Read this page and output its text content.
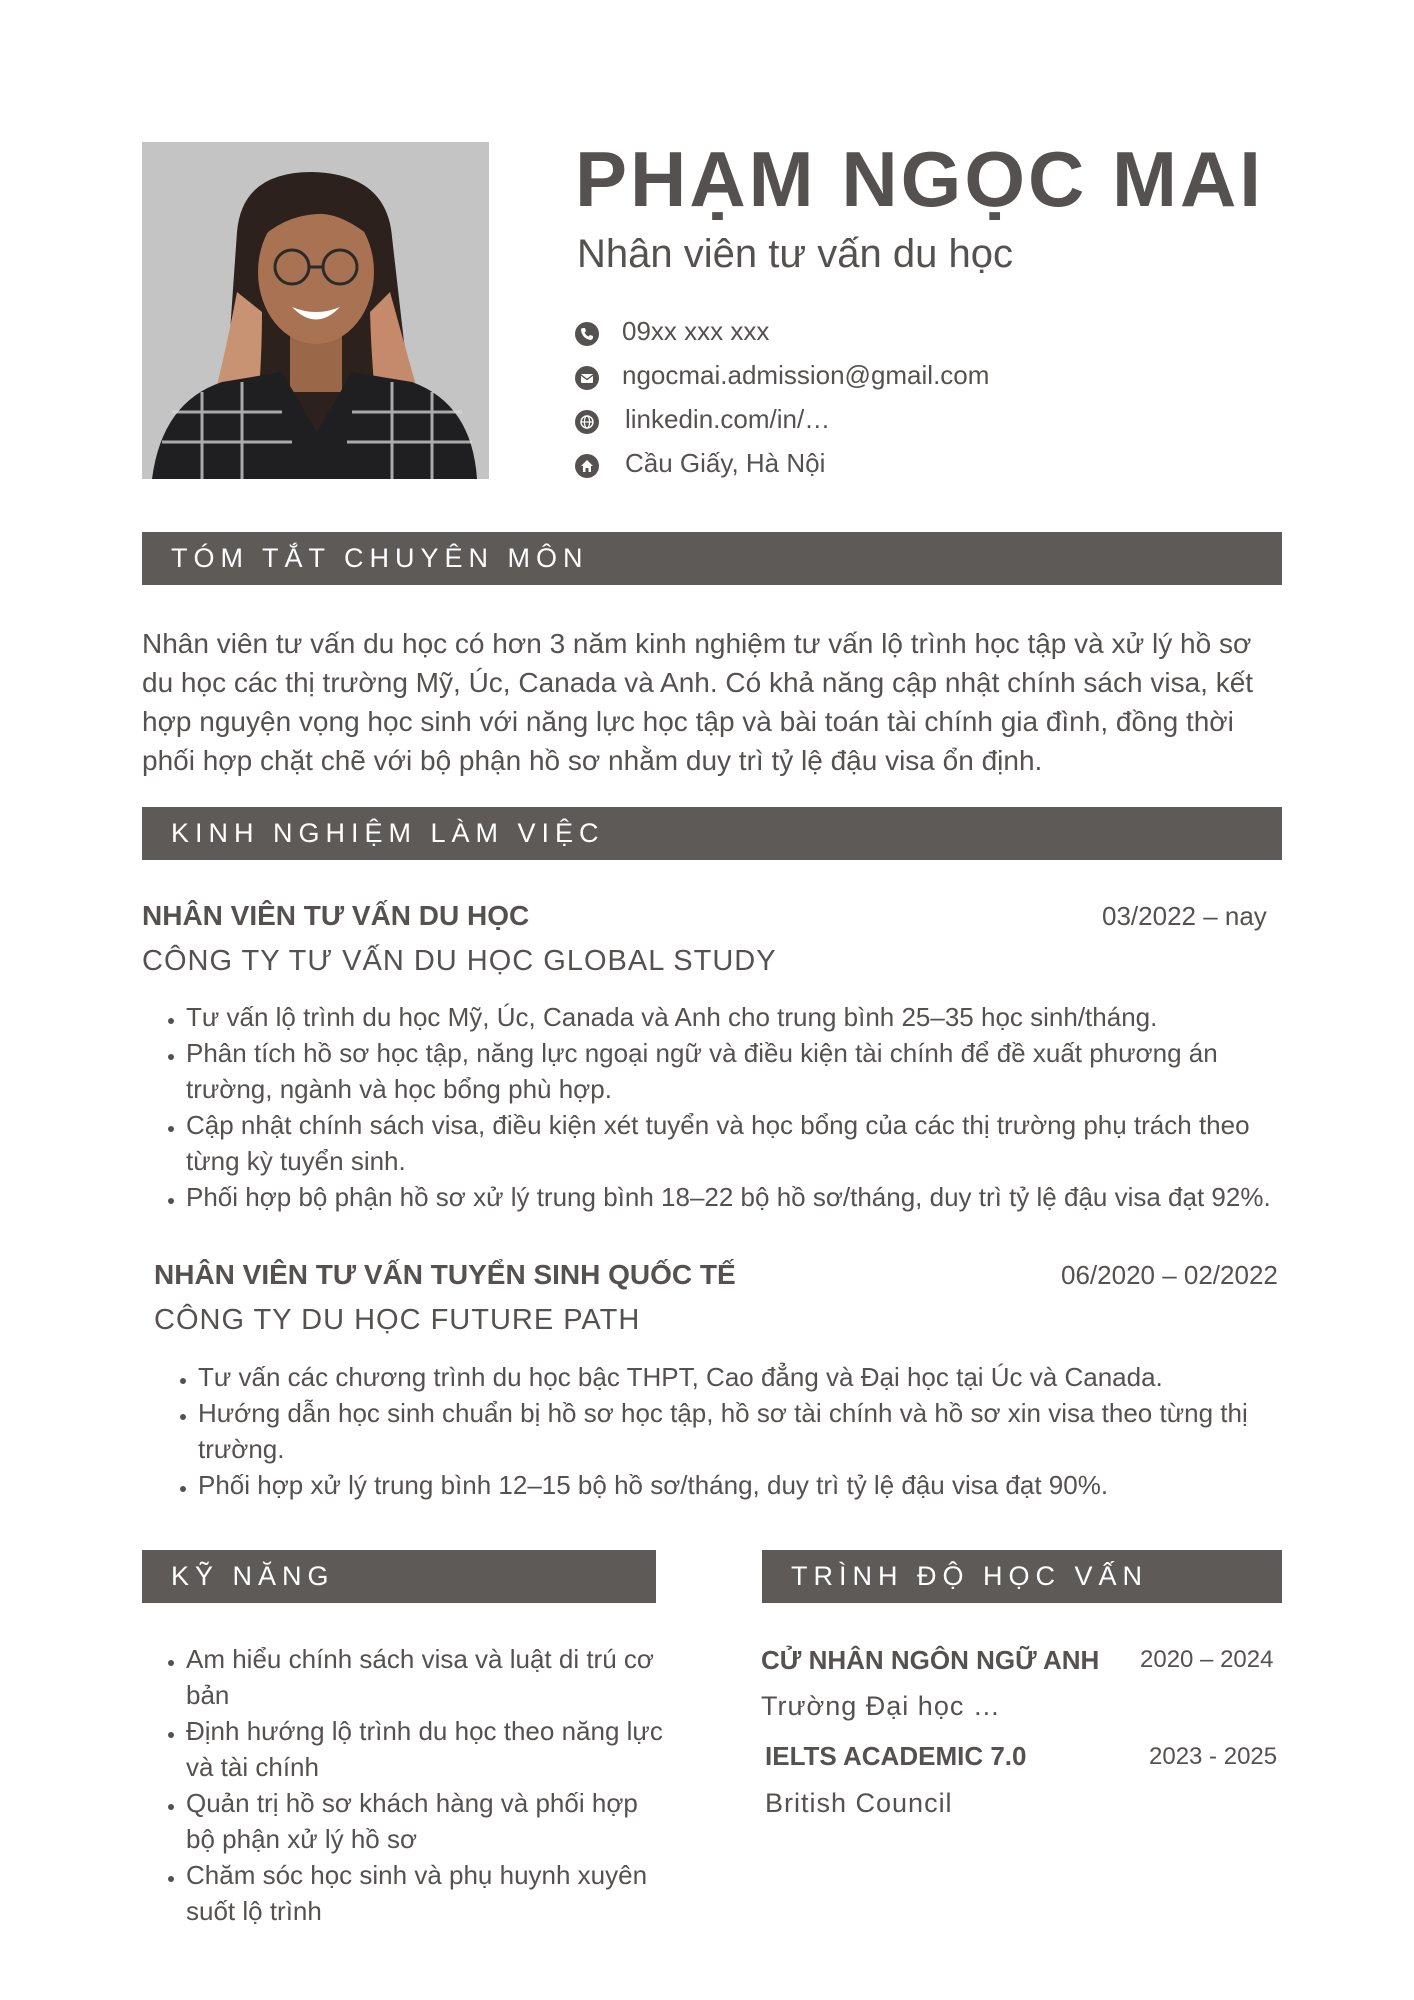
PHẠM NGỌC MAI
Nhân viên tư vấn du học
09xx xxx xxx
ngocmai.admission@gmail.com
linkedin.com/in/…
Cầu Giấy, Hà Nội
TÓM TẮT CHUYÊN MÔN
Nhân viên tư vấn du học có hơn 3 năm kinh nghiệm tư vấn lộ trình học tập và xử lý hồ sơ du học các thị trường Mỹ, Úc, Canada và Anh. Có khả năng cập nhật chính sách visa, kết hợp nguyện vọng học sinh với năng lực học tập và bài toán tài chính gia đình, đồng thời phối hợp chặt chẽ với bộ phận hồ sơ nhằm duy trì tỷ lệ đậu visa ổn định.
KINH NGHIỆM LÀM VIỆC
NHÂN VIÊN TƯ VẤN DU HỌC	03/2022 – nay
CÔNG TY TƯ VẤN DU HỌC GLOBAL STUDY
• Tư vấn lộ trình du học Mỹ, Úc, Canada và Anh cho trung bình 25–35 học sinh/tháng.
• Phân tích hồ sơ học tập, năng lực ngoại ngữ và điều kiện tài chính để đề xuất phương án trường, ngành và học bổng phù hợp.
• Cập nhật chính sách visa, điều kiện xét tuyển và học bổng của các thị trường phụ trách theo từng kỳ tuyển sinh.
• Phối hợp bộ phận hồ sơ xử lý trung bình 18–22 bộ hồ sơ/tháng, duy trì tỷ lệ đậu visa đạt 92%.
NHÂN VIÊN TƯ VẤN TUYỂN SINH QUỐC TẾ	06/2020 – 02/2022
CÔNG TY DU HỌC FUTURE PATH
• Tư vấn các chương trình du học bậc THPT, Cao đẳng và Đại học tại Úc và Canada.
• Hướng dẫn học sinh chuẩn bị hồ sơ học tập, hồ sơ tài chính và hồ sơ xin visa theo từng thị trường.
• Phối hợp xử lý trung bình 12–15 bộ hồ sơ/tháng, duy trì tỷ lệ đậu visa đạt 90%.
KỸ NĂNG
• Am hiểu chính sách visa và luật di trú cơ bản
• Định hướng lộ trình du học theo năng lực và tài chính
• Quản trị hồ sơ khách hàng và phối hợp bộ phận xử lý hồ sơ
• Chăm sóc học sinh và phụ huynh xuyên suốt lộ trình
TRÌNH ĐỘ HỌC VẤN
CỬ NHÂN NGÔN NGỮ ANH 2020 – 2024
Trường Đại học …
IELTS ACADEMIC 7.0	2023 - 2025
British Council
